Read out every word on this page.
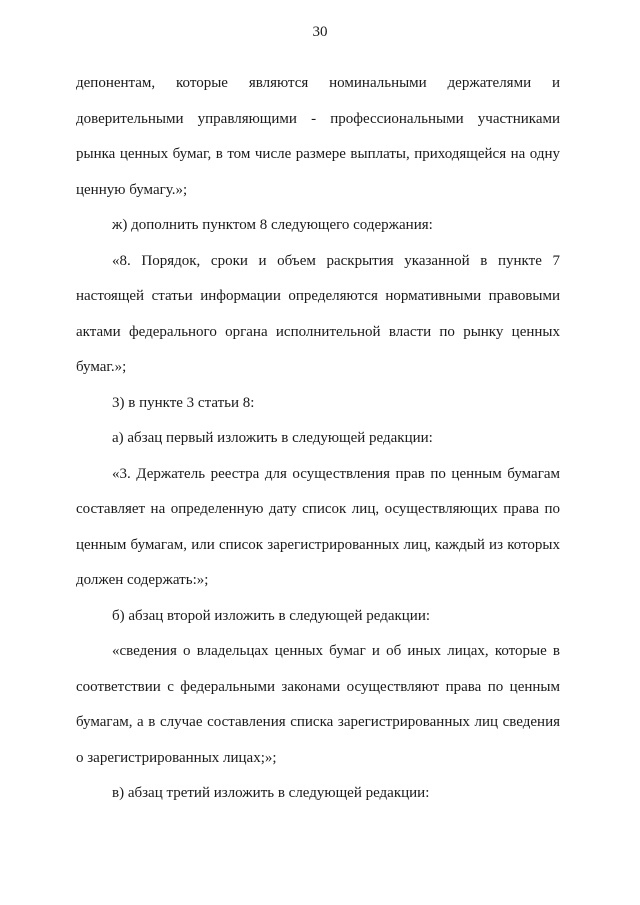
30

депонентам, которые являются номинальными держателями и доверительными управляющими - профессиональными участниками рынка ценных бумаг, в том числе размере выплаты, приходящейся на одну ценную бумагу.»;

ж) дополнить пунктом 8 следующего содержания:

«8. Порядок, сроки и объем раскрытия указанной в пункте 7 настоящей статьи информации определяются нормативными правовыми актами федерального органа исполнительной власти по рынку ценных бумаг.»;

3) в пункте 3 статьи 8:

а) абзац первый изложить в следующей редакции:

«3. Держатель реестра для осуществления прав по ценным бумагам составляет на определенную дату список лиц, осуществляющих права по ценным бумагам, или список зарегистрированных лиц, каждый из которых должен содержать:»;

б) абзац второй изложить в следующей редакции:

«сведения о владельцах ценных бумаг и об иных лицах, которые в соответствии с федеральными законами осуществляют права по ценным бумагам, а в случае составления списка зарегистрированных лиц сведения о зарегистрированных лицах;»;

в) абзац третий изложить в следующей редакции:
